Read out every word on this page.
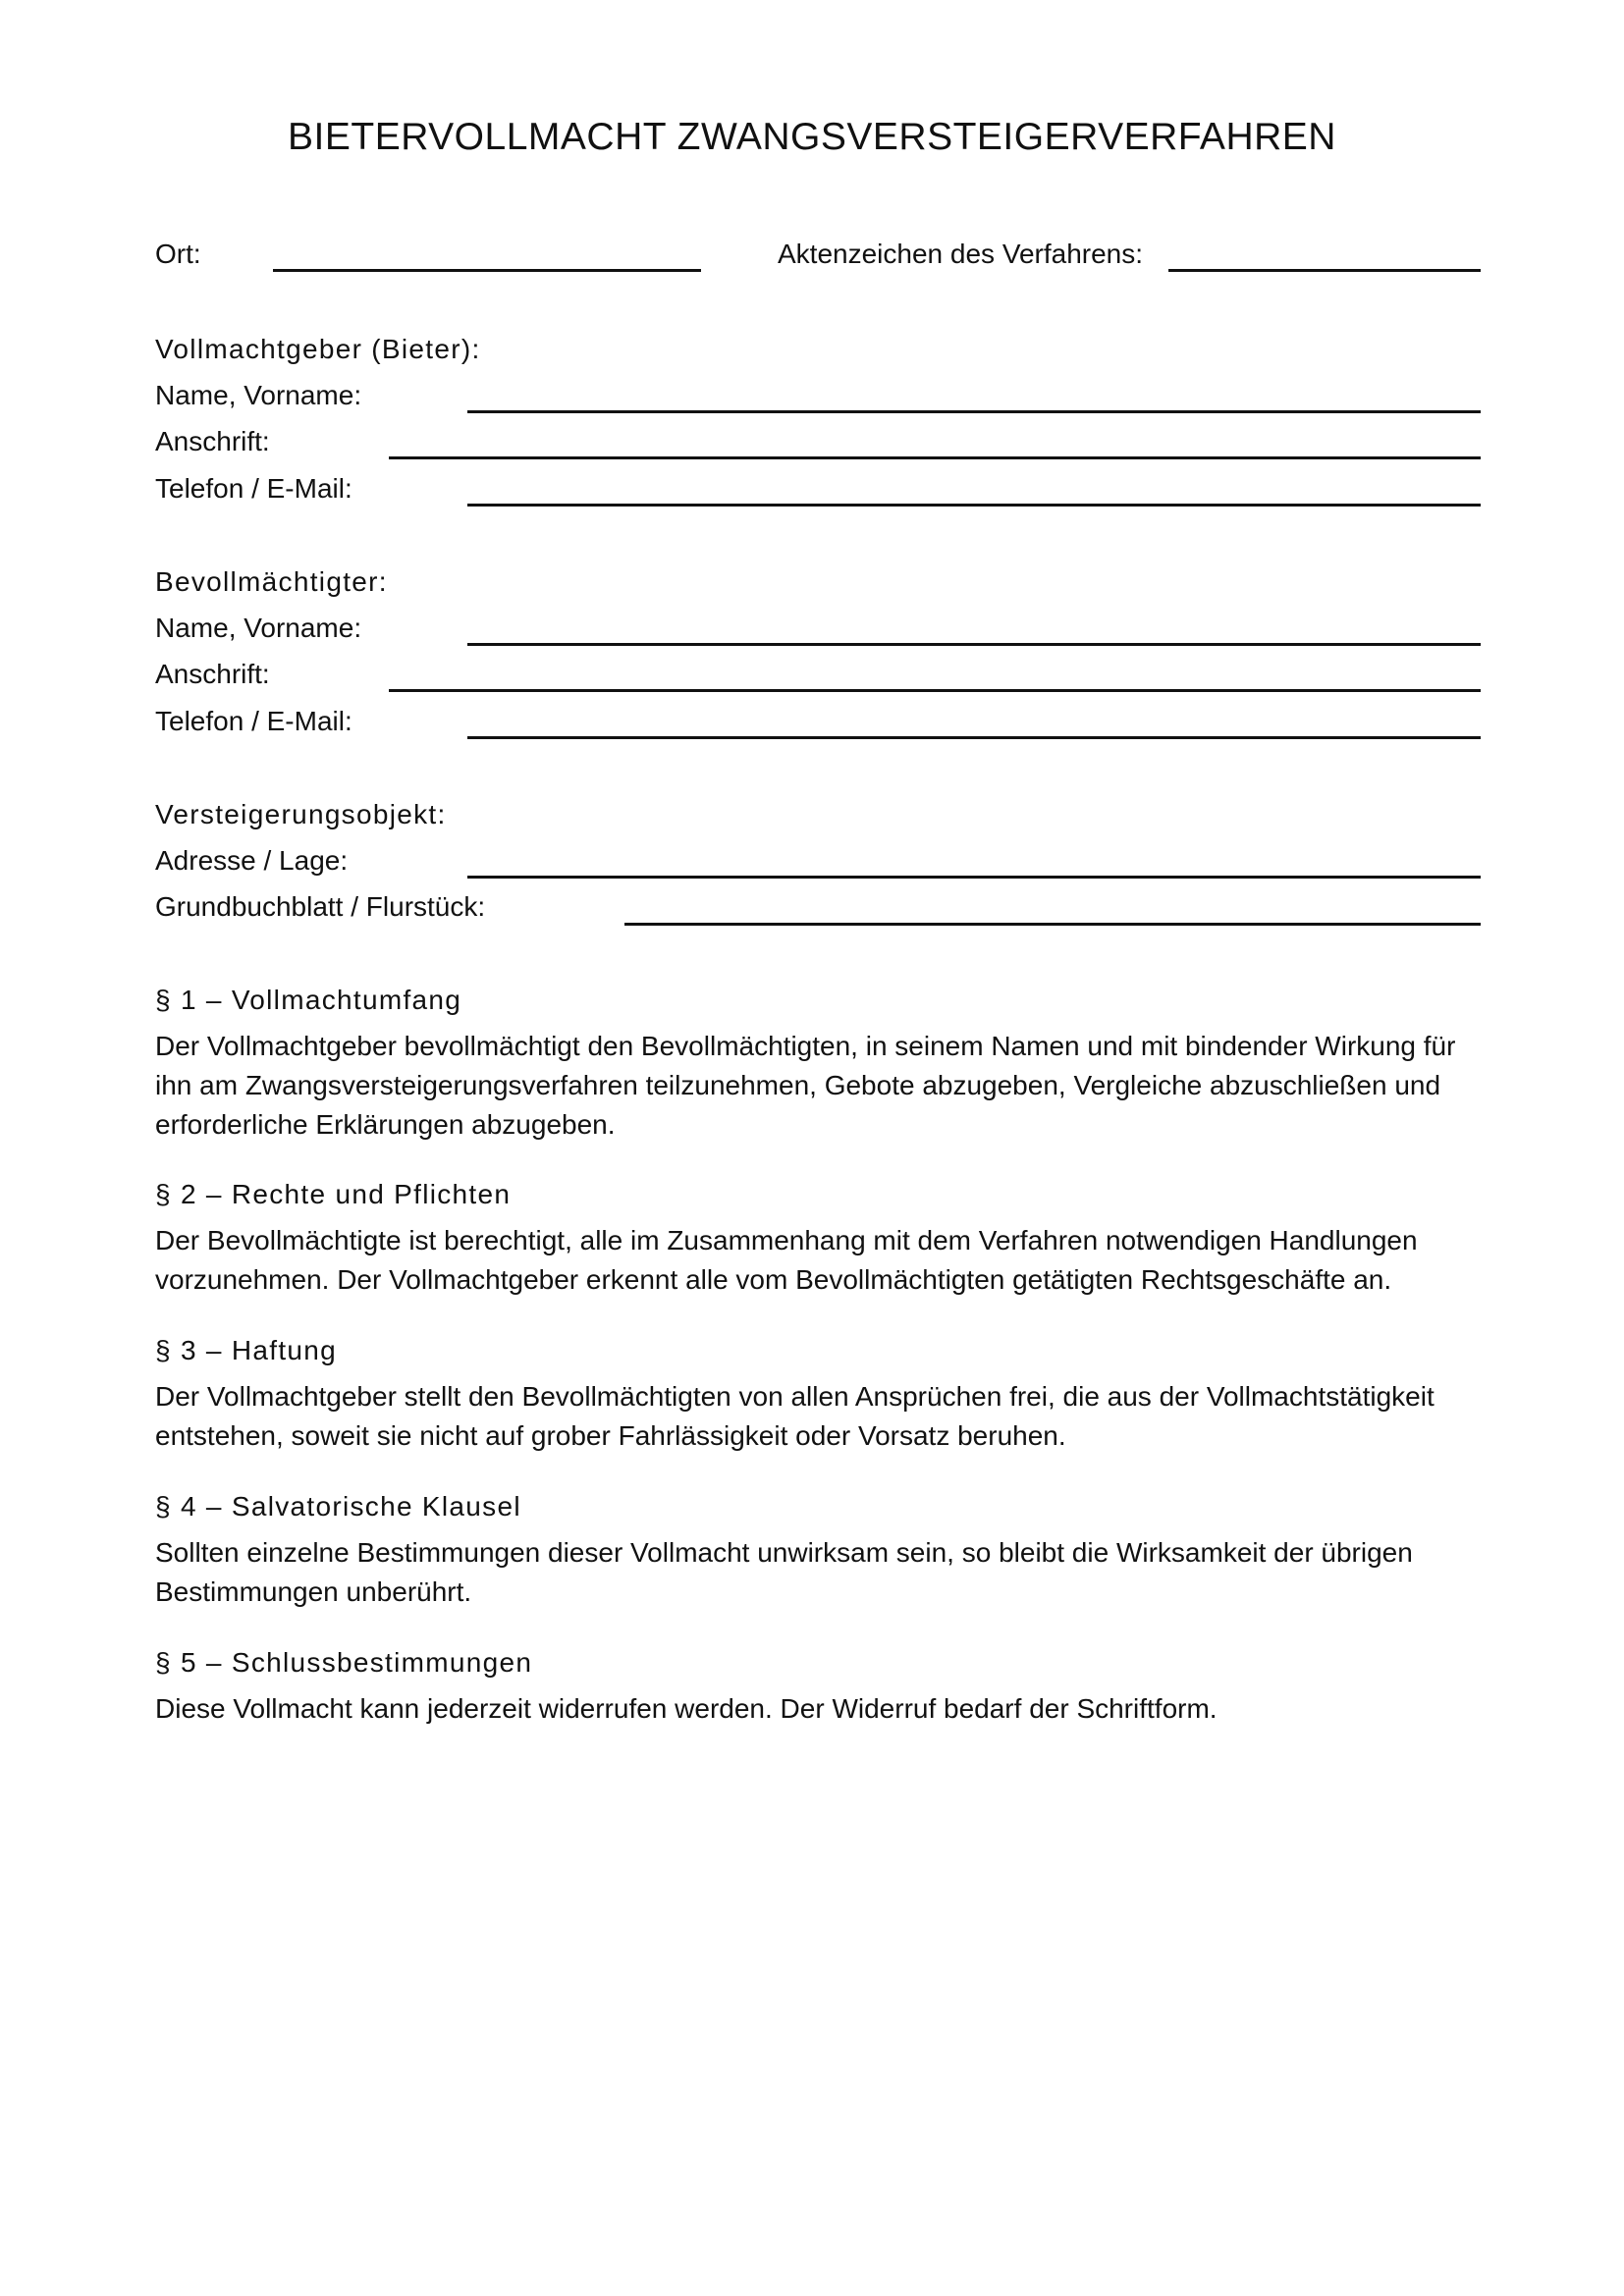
BIETERVOLLMACHT ZWANGSVERSTEIGERVERFAHREN
Ort:	Aktenzeichen des Verfahrens:
Vollmachtgeber (Bieter):
Name, Vorname:
Anschrift:
Telefon / E-Mail:
Bevollmächtigter:
Name, Vorname:
Anschrift:
Telefon / E-Mail:
Versteigerungsobjekt:
Adresse / Lage:
Grundbuchblatt / Flurstück:
§ 1 – Vollmachtumfang
Der Vollmachtgeber bevollmächtigt den Bevollmächtigten, in seinem Namen und mit bindender Wirkung für ihn am Zwangsversteigerungsverfahren teilzunehmen, Gebote abzugeben, Vergleiche abzuschließen und erforderliche Erklärungen abzugeben.
§ 2 – Rechte und Pflichten
Der Bevollmächtigte ist berechtigt, alle im Zusammenhang mit dem Verfahren notwendigen Handlungen vorzunehmen. Der Vollmachtgeber erkennt alle vom Bevollmächtigten getätigten Rechtsgeschäfte an.
§ 3 – Haftung
Der Vollmachtgeber stellt den Bevollmächtigten von allen Ansprüchen frei, die aus der Vollmachtstätigkeit entstehen, soweit sie nicht auf grober Fahrlässigkeit oder Vorsatz beruhen.
§ 4 – Salvatorische Klausel
Sollten einzelne Bestimmungen dieser Vollmacht unwirksam sein, so bleibt die Wirksamkeit der übrigen Bestimmungen unberührt.
§ 5 – Schlussbestimmungen
Diese Vollmacht kann jederzeit widerrufen werden. Der Widerruf bedarf der Schriftform.
